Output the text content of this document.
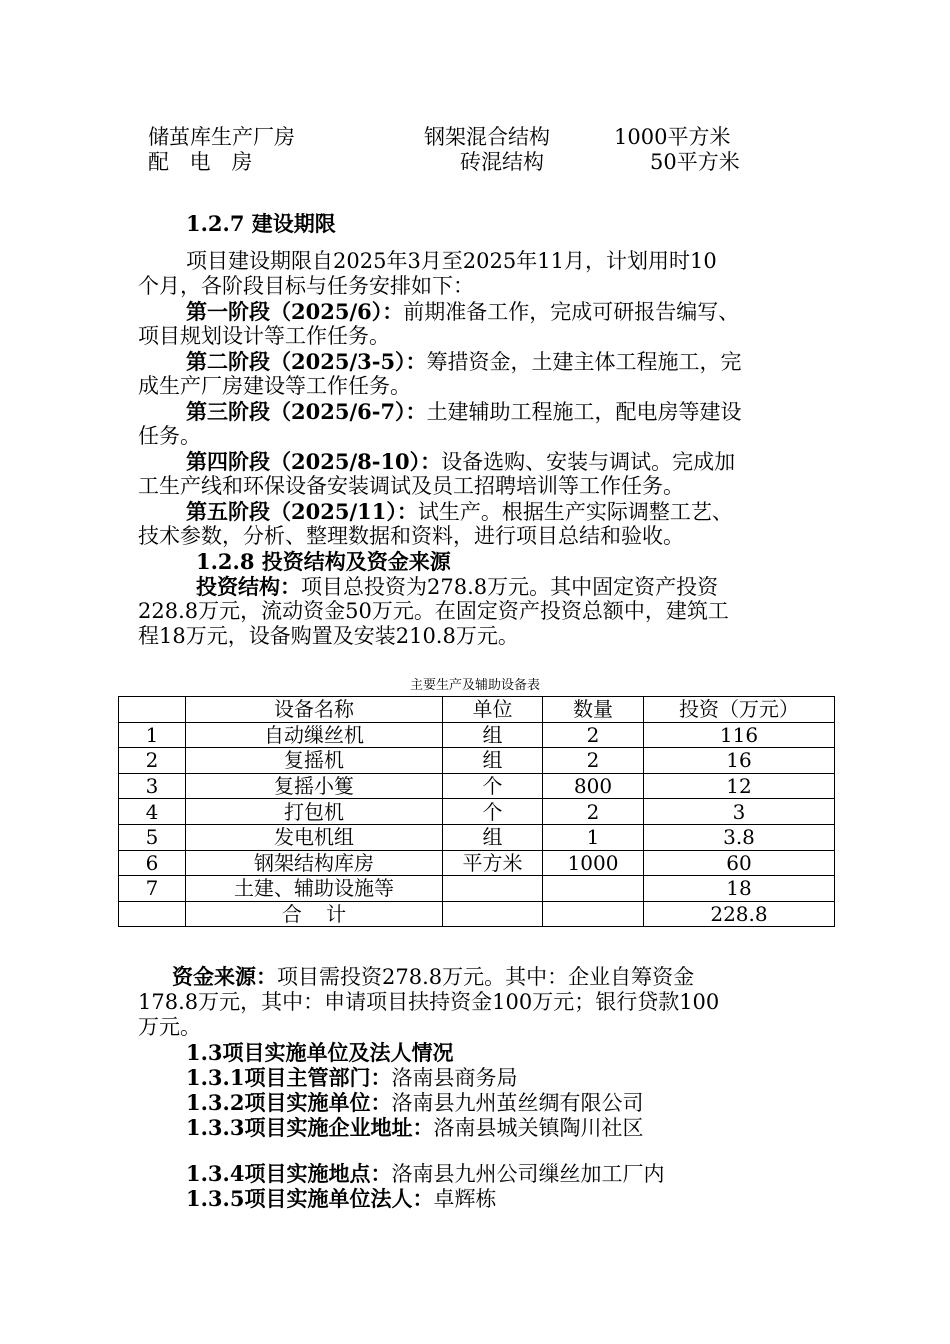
储茧库生产厂房	钢架混合结构	1000平方米
配 电 房	砖混结构	50平方米
1.2.7 建设期限
项目建设期限自2025年3月至2025年11月，计划用时10
个月，各阶段目标与任务安排如下：
第一阶段（2025/6）：前期准备工作，完成可研报告编写、
项目规划设计等工作任务。
第二阶段（2025/3-5）：筹措资金，土建主体工程施工，完
成生产厂房建设等工作任务。
第三阶段（2025/6-7）：土建辅助工程施工，配电房等建设
任务。
第四阶段（2025/8-10）：设备选购、安装与调试。完成加
工生产线和环保设备安装调试及员工招聘培训等工作任务。
第五阶段（2025/11）：试生产。根据生产实际调整工艺、
技术参数，分析、整理数据和资料，进行项目总结和验收。
1.2.8 投资结构及资金来源
投资结构：项目总投资为278.8万元。其中固定资产投资
228.8万元，流动资金50万元。在固定资产投资总额中，建筑工
程18万元，设备购置及安装210.8万元。
主要生产及辅助设备表
	设备名称	单位	数量	投资（万元）
1	自动缫丝机	组	2	116
2	复摇机	组	2	16
3	复摇小篗	个	800	12
4	打包机	个	2	3
5	发电机组	组	1	3.8
6	钢架结构库房	平方米	1000	60
7	土建、辅助设施等			18
	合 计			228.8
资金来源：项目需投资278.8万元。其中：企业自筹资金
178.8万元，其中：申请项目扶持资金100万元；银行贷款100
万元。
1.3项目实施单位及法人情况
1.3.1项目主管部门：洛南县商务局
1.3.2项目实施单位：洛南县九州茧丝绸有限公司
1.3.3项目实施企业地址：洛南县城关镇陶川社区
1.3.4项目实施地点：洛南县九州公司缫丝加工厂内
1.3.5项目实施单位法人：卓辉栋
